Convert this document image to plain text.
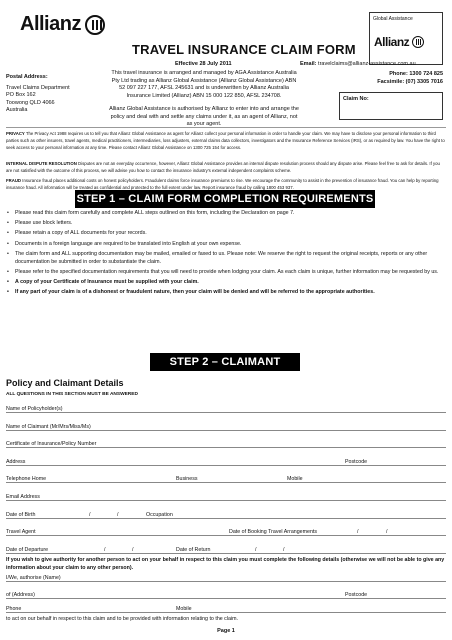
Allianz	Global Assistance
Allianz
TRAVEL INSURANCE CLAIM FORM
Effective 28 July 2011	Email: travelclaims@allianz-assistance.com.au
Phone: 1300 724 825
Facsimile: (07) 3305 7016
Postal Address:
Travel Claims Department
PO Box 162
Toowong QLD 4066
Australia
This travel insurance is arranged and managed by AGA Assistance Australia Pty Ltd trading as Allianz Global Assistance (Allianz Global Assistance) ABN 52 097 227 177, AFSL 245631 and is underwritten by Allianz Australia Insurance Limited (Allianz) ABN 15 000 122 850, AFSL 234708.
Allianz Global Assistance is authorised by Allianz to enter into and arrange the policy and deal with and settle any claims under it, as an agent of Allianz, not as your agent.
Claim No:
PRIVACY The Privacy Act 1988 requires us to tell you that Allianz Global Assistance as agent for Allianz collect your personal information in order to handle your claim. We may have to disclose your personal information to third parties such as other insurers, travel agents, medical practitioners, intermediaries, loss adjusters, external claims data collectors, investigators and the Insurance Reference Services (IRS), or as required by law. You have the right to seek access to your personal information at any time. Please contact Allianz Global Assistance on 1300 725 154 for access.
INTERNAL DISPUTE RESOLUTION Disputes are not an everyday occurrence, however, Allianz Global Assistance provides an internal dispute resolution process should any dispute arise. Please feel free to ask for details. If you are not satisfied with the outcome of this process, we will advise you how to contact the insurance industry's external independent complaints scheme.
FRAUD Insurance fraud places additional costs on honest policyholders. Fraudulent claims force insurance premiums to rise. We encourage the community to assist in the prevention of insurance fraud. You can help by reporting insurance fraud. All information will be treated as confidential and protected to the full extent under law. Report insurance fraud by calling 1800 453 937.
STEP 1 – CLAIM FORM COMPLETION REQUIREMENTS
• Please read this claim form carefully and complete ALL steps outlined on this form, including the Declaration on page 7.
• Please use block letters.
• Please retain a copy of ALL documents for your records.
• Documents in a foreign language are required to be translated into English at your own expense.
• The claim form and ALL supporting documentation may be mailed, emailed or faxed to us. Please note: We reserve the right to request the original receipts, reports or any other documentation be submitted in order to substantiate the claim.
• Please refer to the specified documentation requirements that you will need to provide when lodging your claim. As each claim is unique, further information may be requested by us.
• A copy of your Certificate of Insurance must be supplied with your claim.
• If any part of your claim is of a dishonest or fraudulent nature, then your claim will be denied and will be referred to the appropriate authorities.
STEP 2 – CLAIMANT DETAILS
Policy and Claimant Details
ALL QUESTIONS IN THIS SECTION MUST BE ANSWERED
Name of Policyholder(s)
Name of Claimant (Mr/Mrs/Miss/Ms)
Certificate of Insurance/Policy Number
Address	Postcode
Telephone Home	Business	Mobile
Email Address
Date of Birth	/	/	Occupation
Travel Agent	Date of Booking Travel Arrangements	/	/
Date of Departure	/	/	Date of Return	/	/
If you wish to give authority for another person to act on your behalf in respect to this claim you must complete the following details (otherwise we will not be able to give any information about your claim to any other person).
I/We, authorise (Name)
of (Address)	Postcode
Phone	Mobile
to act on our behalf in respect to this claim and to be provided with information relating to the claim.
Page 1
